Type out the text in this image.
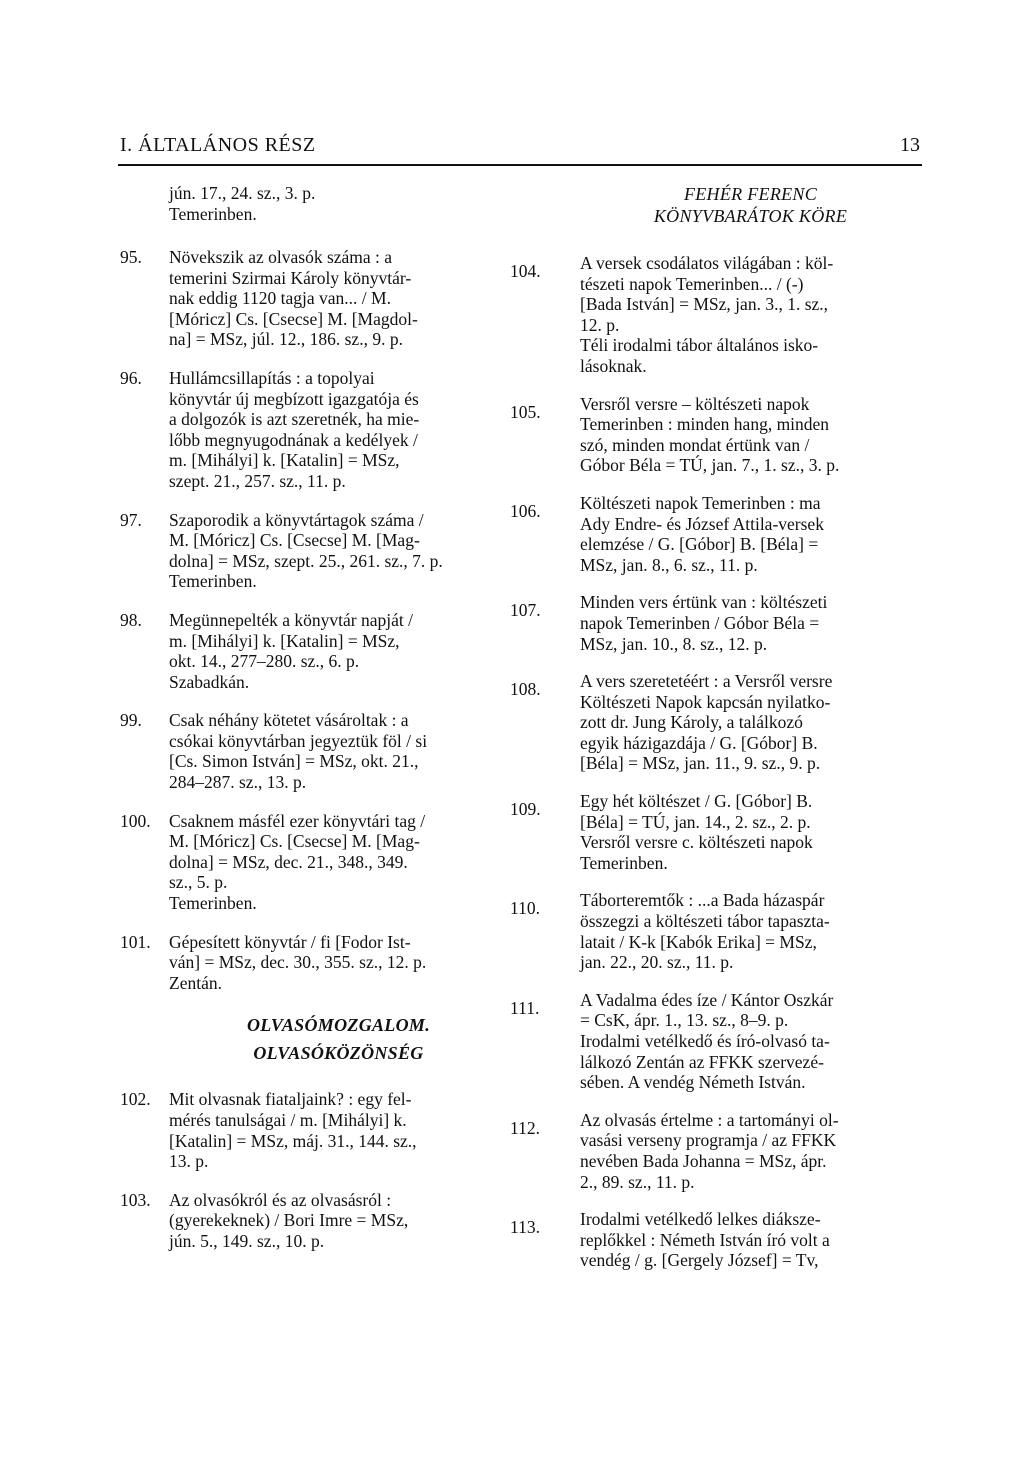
I. ÁLTALÁNOS RÉSZ	13

jún. 17., 24. sz., 3. p.

Temerinben.

95.	Növekszik az olvasók száma : a

temerini Szirmai Károly könyvtár-

nak eddig 1120 tagja van... / M.

[Móricz] Cs. [Csecse] M. [Magdol-

na] = MSz, júl. 12., 186. sz., 9. p.

96.	Hullámcsillapítás : a topolyai

könyvtár új megbízott igazgatója és

a dolgozók is azt szeretnék, ha mie-

lőbb megnyugodnának a kedélyek /

m. [Mihályi] k. [Katalin] = MSz,

szept. 21., 257. sz., 11. p.

97.	Szaporodik a könyvtártagok száma /

M. [Móricz] Cs. [Csecse] M. [Mag-

dolna] = MSz, szept. 25., 261. sz., 7. p.

Temerinben.

98.	Megünnepelték a könyvtár napját /

m. [Mihályi] k. [Katalin] = MSz,

okt. 14., 277–280. sz., 6. p.

Szabadkán.

99.	Csak néhány kötetet vásároltak : a

csókai könyvtárban jegyeztük föl / si

[Cs. Simon István] = MSz, okt. 21.,

284–287. sz., 13. p.

100.	Csaknem másfél ezer könyvtári tag /

M. [Móricz] Cs. [Csecse] M. [Mag-

dolna] = MSz, dec. 21., 348., 349.

sz., 5. p.

Temerinben.

101.	Gépesített könyvtár / fi [Fodor Ist-

ván] = MSz, dec. 30., 355. sz., 12. p.

Zentán.

OLVASÓMOZGALOM.
OLVASÓKÖZÖNSÉG
102.	Mit olvasnak fiataljaink? : egy fel-

mérés tanulságai / m. [Mihályi] k.

[Katalin] = MSz, máj. 31., 144. sz.,

13. p.

103.	Az olvasókról és az olvasásról :

(gyerekeknek) / Bori Imre = MSz,

jún. 5., 149. sz., 10. p.

FEHÉR FERENC
KÖNYVBARÁTOK KÖRE
104.	A versek csodálatos világában : köl-

tészeti napok Temerinben... / (-)

[Bada István] = MSz, jan. 3., 1. sz.,

12. p.

Téli irodalmi tábor általános isko-

lásoknak.

105.	Versről versre – költészeti napok

Temerinben : minden hang, minden

szó, minden mondat értünk van /

Góbor Béla = TÚ, jan. 7., 1. sz., 3. p.

106.	Költészeti napok Temerinben : ma

Ady Endre- és József Attila-versek

elemzése / G. [Góbor] B. [Béla] =

MSz, jan. 8., 6. sz., 11. p.

107.	Minden vers értünk van : költészeti

napok Temerinben / Góbor Béla =

MSz, jan. 10., 8. sz., 12. p.

108.	A vers szeretetéért : a Versről versre

Költészeti Napok kapcsán nyilatko-

zott dr. Jung Károly, a találkozó

egyik házigazdája / G. [Góbor] B.

[Béla] = MSz, jan. 11., 9. sz., 9. p.

109.	Egy hét költészet / G. [Góbor] B.

[Béla] = TÚ, jan. 14., 2. sz., 2. p.

Versről versre c. költészeti napok

Temerinben.

110.	Táborteremtők : ...a Bada házaspár

összegzi a költészeti tábor tapaszta-

latait / K-k [Kabók Erika] = MSz,

jan. 22., 20. sz., 11. p.

111.	A Vadalma édes íze / Kántor Oszkár

= CsK, ápr. 1., 13. sz., 8–9. p.

Irodalmi vetélkedő és író-olvasó ta-

lálkozó Zentán az FFKK szervezé-

sében. A vendég Németh István.

112.	Az olvasás értelme : a tartományi ol-

vasási verseny programja / az FFKK

nevében Bada Johanna = MSz, ápr.

2., 89. sz., 11. p.

113.	Irodalmi vetélkedő lelkes diáksze-

replőkkel : Németh István író volt a

vendég / g. [Gergely József] = Tv,
